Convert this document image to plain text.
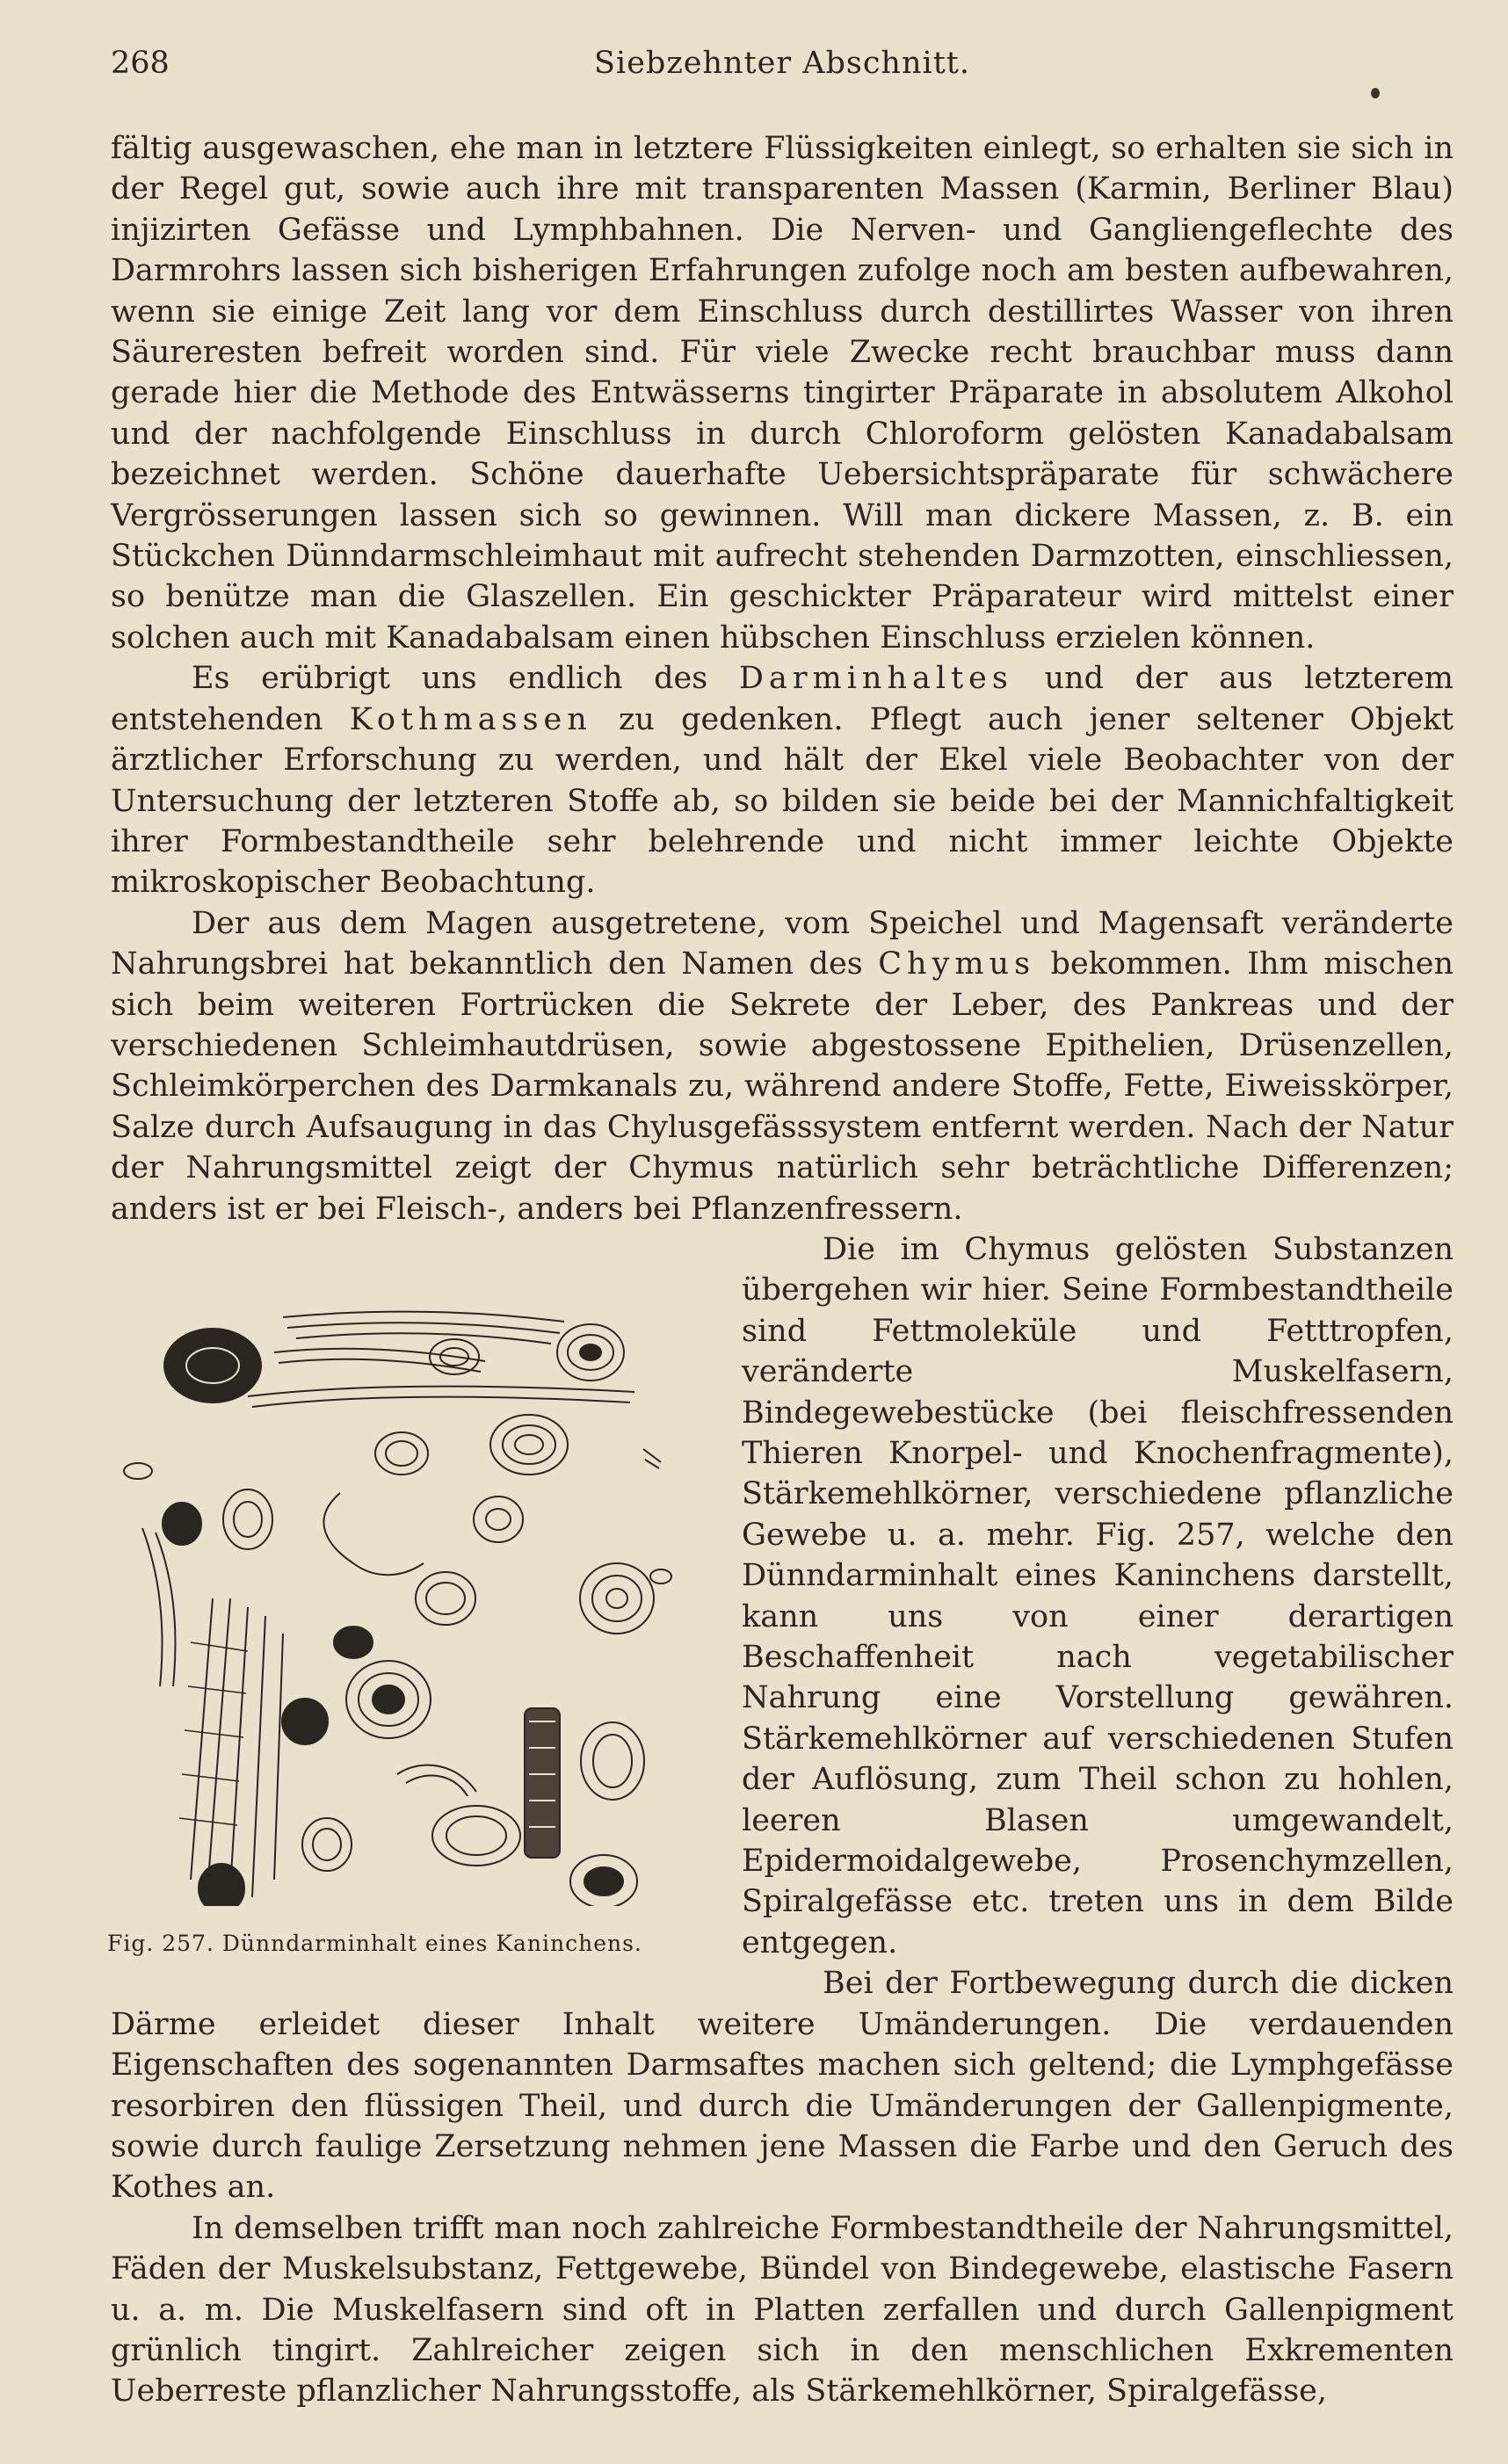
268	Siebzehnter Abschnitt.

fältig ausgewaschen, ehe man in letztere Flüssigkeiten einlegt, so erhalten sie sich in der Regel gut, sowie auch ihre mit transparenten Massen (Karmin, Berliner Blau) injizirten Gefässe und Lymphbahnen. Die Nerven- und Gangliengeflechte des Darmrohrs lassen sich bisherigen Erfahrungen zufolge noch am besten aufbewahren, wenn sie einige Zeit lang vor dem Einschluss durch destillirtes Wasser von ihren Säureresten befreit worden sind. Für viele Zwecke recht brauchbar muss dann gerade hier die Methode des Entwässerns tingirter Präparate in absolutem Alkohol und der nachfolgende Einschluss in durch Chloroform gelösten Kanadabalsam bezeichnet werden. Schöne dauerhafte Uebersichtspräparate für schwächere Vergrösserungen lassen sich so gewinnen. Will man dickere Massen, z. B. ein Stückchen Dünndarmschleimhaut mit aufrecht stehenden Darmzotten, einschliessen, so benütze man die Glaszellen. Ein geschickter Präparateur wird mittelst einer solchen auch mit Kanadabalsam einen hübschen Einschluss erzielen können.

Es erübrigt uns endlich des Darminhaltes und der aus letzterem entstehenden Kothmassen zu gedenken. Pflegt auch jener seltener Objekt ärztlicher Erforschung zu werden, und hält der Ekel viele Beobachter von der Untersuchung der letzteren Stoffe ab, so bilden sie beide bei der Mannichfaltigkeit ihrer Formbestandtheile sehr belehrende und nicht immer leichte Objekte mikroskopischer Beobachtung.

Der aus dem Magen ausgetretene, vom Speichel und Magensaft veränderte Nahrungsbrei hat bekanntlich den Namen des Chymus bekommen. Ihm mischen sich beim weiteren Fortrücken die Sekrete der Leber, des Pankreas und der verschiedenen Schleimhautdrüsen, sowie abgestossene Epithelien, Drüsenzellen, Schleimkörperchen des Darmkanals zu, während andere Stoffe, Fette, Eiweisskörper, Salze durch Aufsaugung in das Chylusgefässsystem entfernt werden. Nach der Natur der Nahrungsmittel zeigt der Chymus natürlich sehr beträchtliche Differenzen; anders ist er bei Fleisch-, anders bei Pflanzenfressern.

Fig. 257. Dünndarminhalt eines Kaninchens.

Die im Chymus gelösten Substanzen übergehen wir hier. Seine Formbestandtheile sind Fettmoleküle und Fetttropfen, veränderte Muskelfasern, Bindegewebestücke (bei fleischfressenden Thieren Knorpel- und Knochenfragmente), Stärkemehlkörner, verschiedene pflanzliche Gewebe u. a. mehr. Fig. 257, welche den Dünndarminhalt eines Kaninchens darstellt, kann uns von einer derartigen Beschaffenheit nach vegetabilischer Nahrung eine Vorstellung gewähren. Stärkemehlkörner auf verschiedenen Stufen der Auflösung, zum Theil schon zu hohlen, leeren Blasen umgewandelt, Epidermoidalgewebe, Prosenchymzellen, Spiralgefässe etc. treten uns in dem Bilde entgegen.

Bei der Fortbewegung durch die dicken Därme erleidet dieser Inhalt weitere Umänderungen. Die verdauenden Eigenschaften des sogenannten Darmsaftes machen sich geltend; die Lymphgefässe resorbiren den flüssigen Theil, und durch die Umänderungen der Gallenpigmente, sowie durch faulige Zersetzung nehmen jene Massen die Farbe und den Geruch des Kothes an.

In demselben trifft man noch zahlreiche Formbestandtheile der Nahrungsmittel, Fäden der Muskelsubstanz, Fettgewebe, Bündel von Bindegewebe, elastische Fasern u. a. m. Die Muskelfasern sind oft in Platten zerfallen und durch Gallenpigment grünlich tingirt. Zahlreicher zeigen sich in den menschlichen Exkrementen Ueberreste pflanzlicher Nahrungsstoffe, als Stärkemehlkörner, Spiralgefässe,
